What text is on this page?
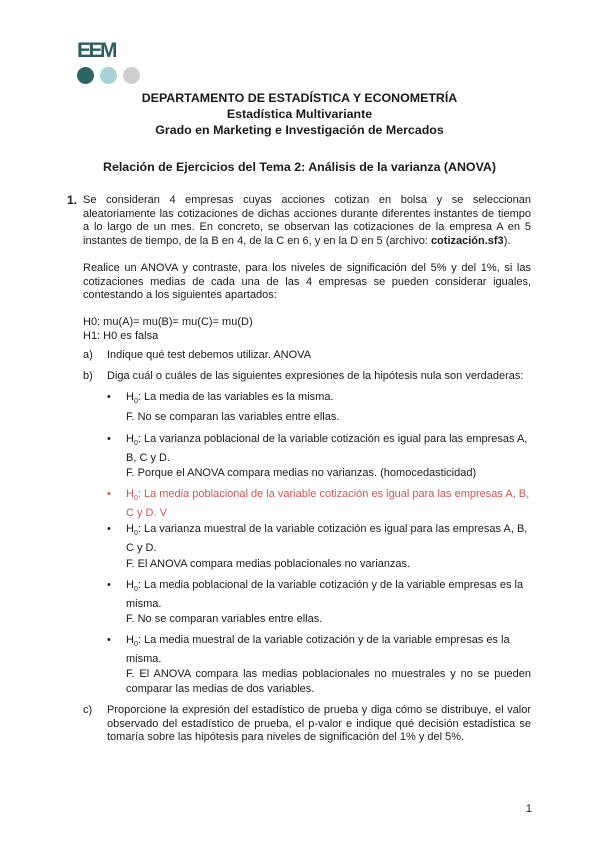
EEM
DEPARTAMENTO DE ESTADÍSTICA Y ECONOMETRÍA
Estadística Multivariante
Grado en Marketing e Investigación de Mercados
Relación de Ejercicios del Tema 2: Análisis de la varianza (ANOVA)
1. Se consideran 4 empresas cuyas acciones cotizan en bolsa y se seleccionan aleatoriamente las cotizaciones de dichas acciones durante diferentes instantes de tiempo a lo largo de un mes. En concreto, se observan las cotizaciones de la empresa A en 5 instantes de tiempo, de la B en 4, de la C en 6, y en la D en 5 (archivo: cotización.sf3).
Realice un ANOVA y contraste, para los niveles de significación del 5% y del 1%, si las cotizaciones medias de cada una de las 4 empresas se pueden considerar iguales, contestando a los siguientes apartados:
H0: mu(A)= mu(B)= mu(C)= mu(D)
H1: H0 es falsa
a) Indique qué test debemos utilizar. ANOVA
b) Diga cuál o cuáles de las siguientes expresiones de la hipótesis nula son verdaderas:
• $H_0$: La media de las variables es la misma.
F. No se comparan las variables entre ellas.
• $H_0$: La varianza poblacional de la variable cotización es igual para las empresas A, B, C y D.
F. Porque el ANOVA compara medias no varianzas. (homocedasticidad)
• $H_0$: La media poblacional de la variable cotización es igual para las empresas A, B, C y D. V
• $H_0$: La varianza muestral de la variable cotización es igual para las empresas A, B, C y D.
F. El ANOVA compara medias poblacionales no varianzas.
• $H_0$: La media poblacional de la variable cotización y de la variable empresas es la misma.
F. No se comparan variables entre ellas.
• $H_0$: La media muestral de la variable cotización y de la variable empresas es la misma.
F. El ANOVA compara las medias poblacionales no muestrales y no se pueden comparar las medias de dos variables.
c) Proporcione la expresión del estadístico de prueba y diga cómo se distribuye, el valor observado del estadístico de prueba, el p-valor e indique qué decisión estadística se tomaría sobre las hipótesis para niveles de significación del 1% y del 5%.
1
